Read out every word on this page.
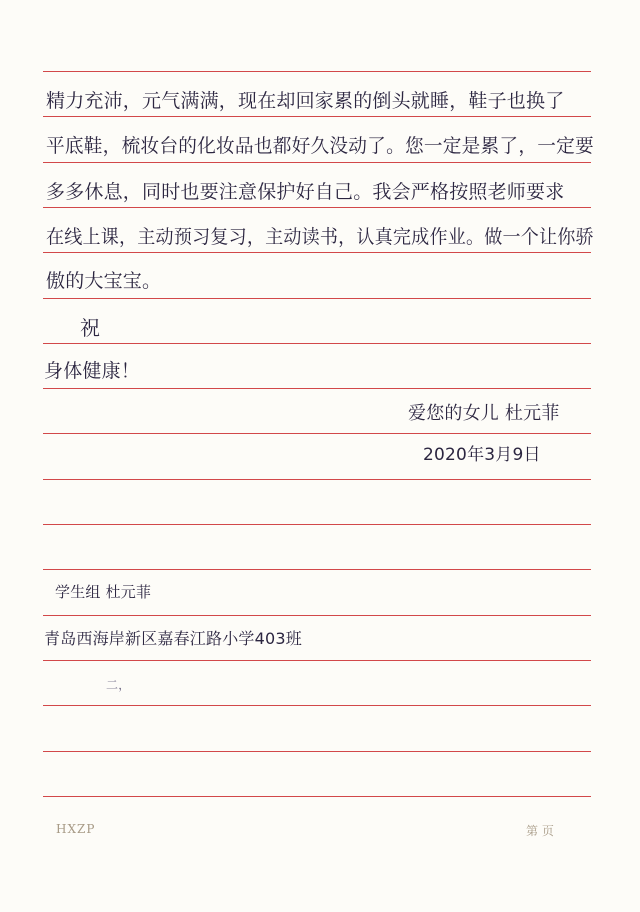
精力充沛，元气满满，现在却回家累的倒头就睡，鞋子也换了
平底鞋，梳妆台的化妆品也都好久没动了。您一定是累了，一定要
多多休息，同时也要注意保护好自己。我会严格按照老师要求
在线上课，主动预习复习，主动读书，认真完成作业。做一个让你骄
傲的大宝宝。
祝
身体健康！
爱您的女儿 杜元菲
2020年3月9日
学生组 杜元菲
青岛西海岸新区嘉春江路小学403班
二，
HXZP	第 页
